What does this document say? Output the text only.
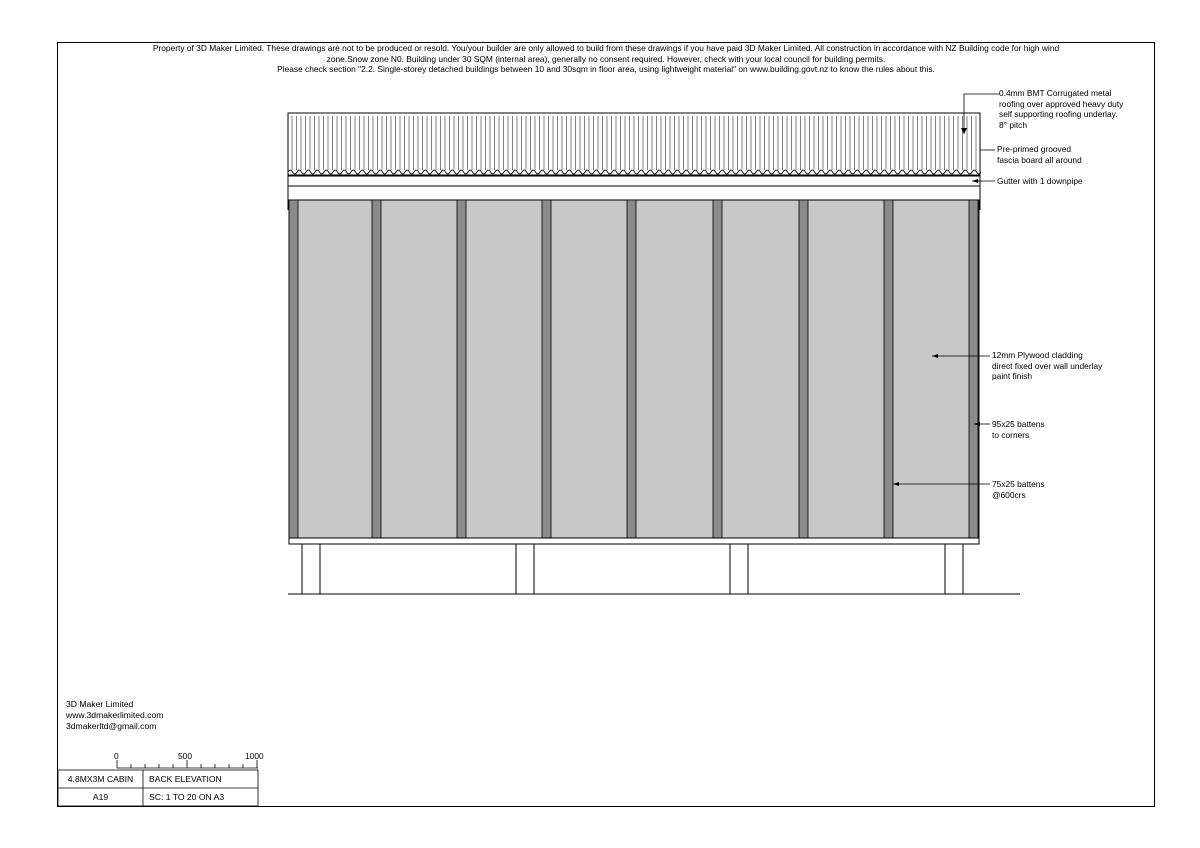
Property of 3D Maker Limited. These drawings are not to be produced or resold. You/your builder are only allowed to build from these drawings if you have paid 3D Maker Limited. All construction in accordance with NZ Building code for high wind
zone.Snow zone N0. Building under 30 SQM (internal area), generally no consent required. However, check with your local council for building permits.
Please check section "2.2. Single-storey detached buildings between 10 and 30sqm in floor area, using lightweight material" on www.building.govt.nz to know the rules about this.
0.4mm BMT Corrugated metal
roofing over approved heavy duty
self supporting roofing underlay.
8° pitch
Pre-primed grooved
fascia board all around
Gutter with 1 downpipe
12mm Plywood cladding
direct fixed over wall underlay
paint finish
95x25 battens
to corners
75x25 battens
@600crs
3D Maker Limited
www.3dmakerlimited.com
3dmakerltd@gmail.com
0	500	1000
4.8MX3M CABIN	BACK ELEVATION
A19	SC: 1 TO 20 ON A3
